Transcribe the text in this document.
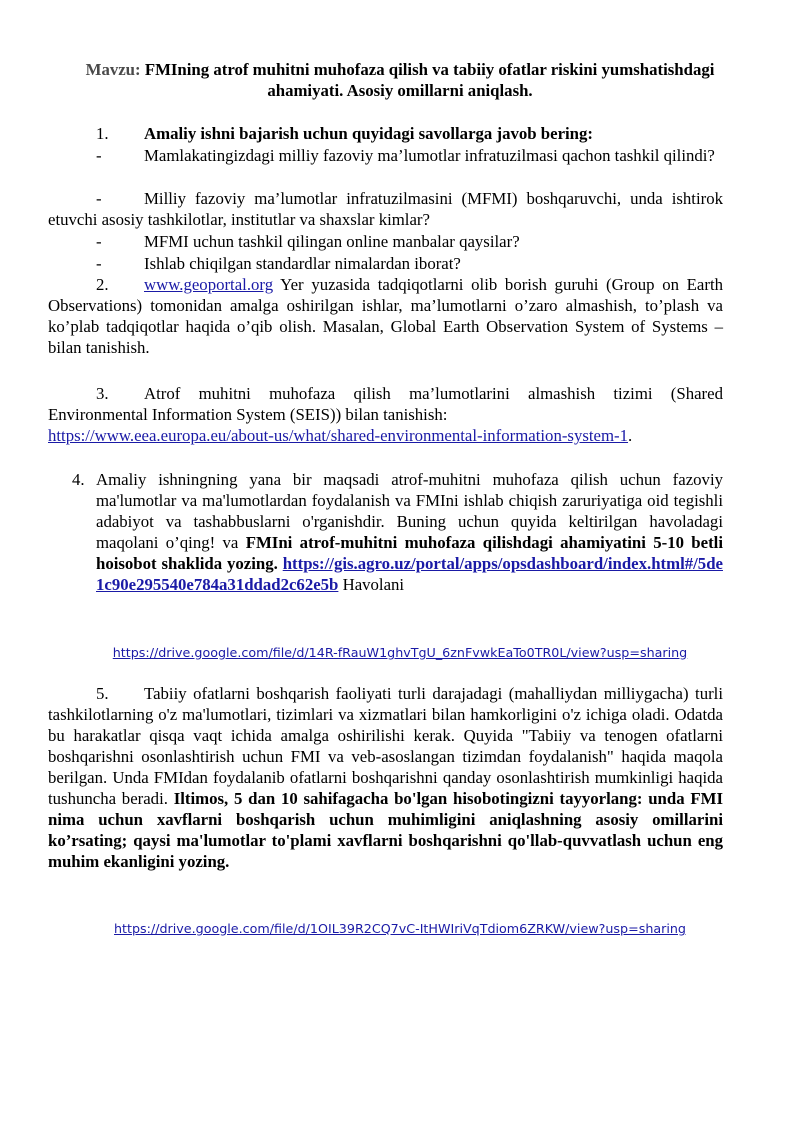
Mavzu: FMIning atrof muhitni muhofaza qilish va tabiiy ofatlar riskini yumshatishdagi ahamiyati. Asosiy omillarni aniqlash.
1. Amaliy ishni bajarish uchun quyidagi savollarga javob bering:
-	Mamlakatingizdagi milliy fazoviy ma’lumotlar infratuzilmasi qachon tashkil qilindi?
-	Milliy fazoviy ma’lumotlar infratuzilmasini (MFMI) boshqaruvchi, unda ishtirok etuvchi asosiy tashkilotlar, institutlar va shaxslar kimlar?
-	MFMI uchun tashkil qilingan online manbalar qaysilar?
-	Ishlab chiqilgan standardlar nimalardan iborat?
2. www.geoportal.org Yer yuzasida tadqiqotlarni olib borish guruhi (Group on Earth Observations) tomonidan amalga oshirilgan ishlar, ma’lumotlarni o’zaro almashish, to’plash va ko’plab tadqiqotlar haqida o’qib olish. Masalan, Global Earth Observation System of Systems – bilan tanishish.
3. Atrof muhitni muhofaza qilish ma’lumotlarini almashish tizimi (Shared Environmental Information System (SEIS)) bilan tanishish:
https://www.eea.europa.eu/about-us/what/shared-environmental-information-system-1.
4. Amaliy ishningning yana bir maqsadi atrof-muhitni muhofaza qilish uchun fazoviy ma'lumotlar va ma'lumotlardan foydalanish va FMIni ishlab chiqish zaruriyatiga oid tegishli adabiyot va tashabbuslarni o'rganishdir. Buning uchun quyida keltirilgan havoladagi maqolani o’qing! va FMIni atrof-muhitni muhofaza qilishdagi ahamiyatini 5-10 betli hoisobot shaklida yozing. https://gis.agro.uz/portal/apps/opsdashboard/index.html#/5de1c90e295540e784a31ddad2c62e5b Havolani
https://drive.google.com/file/d/14R-fRauW1ghvTgU_6znFvwkEaTo0TR0L/view?usp=sharing
5. Tabiiy ofatlarni boshqarish faoliyati turli darajadagi (mahalliydan milliygacha) turli tashkilotlarning o'z ma'lumotlari, tizimlari va xizmatlari bilan hamkorligini o'z ichiga oladi. Odatda bu harakatlar qisqa vaqt ichida amalga oshirilishi kerak. Quyida "Tabiiy va tenogen ofatlarni boshqarishni osonlashtirish uchun FMI va veb-asoslangan tizimdan foydalanish" haqida maqola berilgan. Unda FMIdan foydalanib ofatlarni boshqarishni qanday osonlashtirish mumkinligi haqida tushuncha beradi. Iltimos, 5 dan 10 sahifagacha bo'lgan hisobotingizni tayyorlang: unda FMI nima uchun xavflarni boshqarish uchun muhimligini aniqlashning asosiy omillarini ko’rsating; qaysi ma'lumotlar to'plami xavflarni boshqarishni qo'llab-quvvatlash uchun eng muhim ekanligini yozing.
https://drive.google.com/file/d/1OIL39R2CQ7vC-ItHWIriVqTdiom6ZRKW/view?usp=sharing
